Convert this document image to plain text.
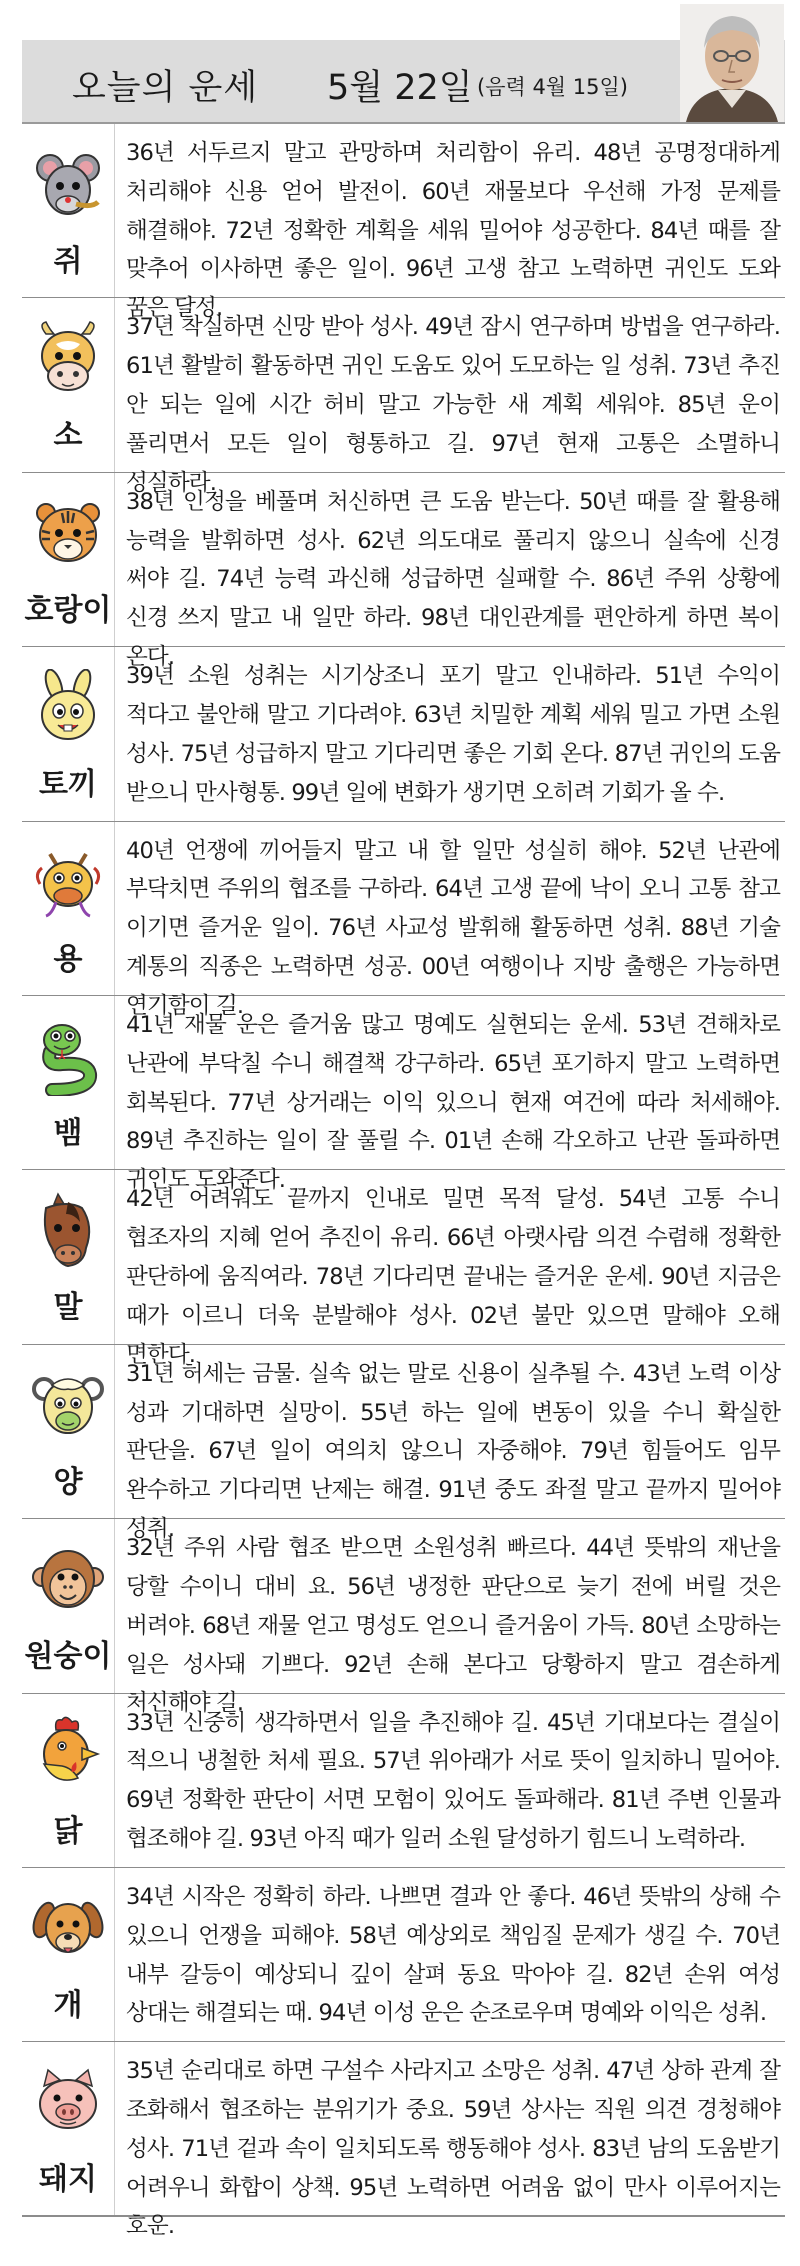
오늘의 운세 5월 22일 (음력 4월 15일)
쥐
36년 서두르지 말고 관망하며 처리함이 유리. 48년 공명정대하게 처리해야 신용 얻어 발전이. 60년 재물보다 우선해 가정 문제를 해결해야. 72년 정확한 계획을 세워 밀어야 성공한다. 84년 때를 잘 맞추어 이사하면 좋은 일이. 96년 고생 참고 노력하면 귀인도 도와 꿈은 달성.
소
37년 착실하면 신망 받아 성사. 49년 잠시 연구하며 방법을 연구하라. 61년 활발히 활동하면 귀인 도움도 있어 도모하는 일 성취. 73년 추진 안 되는 일에 시간 허비 말고 가능한 새 계획 세워야. 85년 운이 풀리면서 모든 일이 형통하고 길. 97년 현재 고통은 소멸하니 성실하라.
호랑이
38년 인정을 베풀며 처신하면 큰 도움 받는다. 50년 때를 잘 활용해 능력을 발휘하면 성사. 62년 의도대로 풀리지 않으니 실속에 신경 써야 길. 74년 능력 과신해 성급하면 실패할 수. 86년 주위 상황에 신경 쓰지 말고 내 일만 하라. 98년 대인관계를 편안하게 하면 복이 온다.
토끼
39년 소원 성취는 시기상조니 포기 말고 인내하라. 51년 수익이 적다고 불안해 말고 기다려야. 63년 치밀한 계획 세워 밀고 가면 소원 성사. 75년 성급하지 말고 기다리면 좋은 기회 온다. 87년 귀인의 도움 받으니 만사형통. 99년 일에 변화가 생기면 오히려 기회가 올 수.
용
40년 언쟁에 끼어들지 말고 내 할 일만 성실히 해야. 52년 난관에 부닥치면 주위의 협조를 구하라. 64년 고생 끝에 낙이 오니 고통 참고 이기면 즐거운 일이. 76년 사교성 발휘해 활동하면 성취. 88년 기술 계통의 직종은 노력하면 성공. 00년 여행이나 지방 출행은 가능하면 연기함이 길.
뱀
41년 재물 운은 즐거움 많고 명예도 실현되는 운세. 53년 견해차로 난관에 부닥칠 수니 해결책 강구하라. 65년 포기하지 말고 노력하면 회복된다. 77년 상거래는 이익 있으니 현재 여건에 따라 처세해야. 89년 추진하는 일이 잘 풀릴 수. 01년 손해 각오하고 난관 돌파하면 귀인도 도와준다.
말
42년 어려워도 끝까지 인내로 밀면 목적 달성. 54년 고통 수니 협조자의 지혜 얻어 추진이 유리. 66년 아랫사람 의견 수렴해 정확한 판단하에 움직여라. 78년 기다리면 끝내는 즐거운 운세. 90년 지금은 때가 이르니 더욱 분발해야 성사. 02년 불만 있으면 말해야 오해 면한다.
양
31년 허세는 금물. 실속 없는 말로 신용이 실추될 수. 43년 노력 이상 성과 기대하면 실망이. 55년 하는 일에 변동이 있을 수니 확실한 판단을. 67년 일이 여의치 않으니 자중해야. 79년 힘들어도 임무 완수하고 기다리면 난제는 해결. 91년 중도 좌절 말고 끝까지 밀어야 성취.
원숭이
32년 주위 사람 협조 받으면 소원성취 빠르다. 44년 뜻밖의 재난을 당할 수이니 대비 요. 56년 냉정한 판단으로 늦기 전에 버릴 것은 버려야. 68년 재물 얻고 명성도 얻으니 즐거움이 가득. 80년 소망하는 일은 성사돼 기쁘다. 92년 손해 본다고 당황하지 말고 겸손하게 처신해야 길.
닭
33년 신중히 생각하면서 일을 추진해야 길. 45년 기대보다는 결실이 적으니 냉철한 처세 필요. 57년 위아래가 서로 뜻이 일치하니 밀어야. 69년 정확한 판단이 서면 모험이 있어도 돌파해라. 81년 주변 인물과 협조해야 길. 93년 아직 때가 일러 소원 달성하기 힘드니 노력하라.
개
34년 시작은 정확히 하라. 나쁘면 결과 안 좋다. 46년 뜻밖의 상해 수 있으니 언쟁을 피해야. 58년 예상외로 책임질 문제가 생길 수. 70년 내부 갈등이 예상되니 깊이 살펴 동요 막아야 길. 82년 손위 여성 상대는 해결되는 때. 94년 이성 운은 순조로우며 명예와 이익은 성취.
돼지
35년 순리대로 하면 구설수 사라지고 소망은 성취. 47년 상하 관계 잘 조화해서 협조하는 분위기가 중요. 59년 상사는 직원 의견 경청해야 성사. 71년 겉과 속이 일치되도록 행동해야 성사. 83년 남의 도움받기 어려우니 화합이 상책. 95년 노력하면 어려움 없이 만사 이루어지는 호운.
